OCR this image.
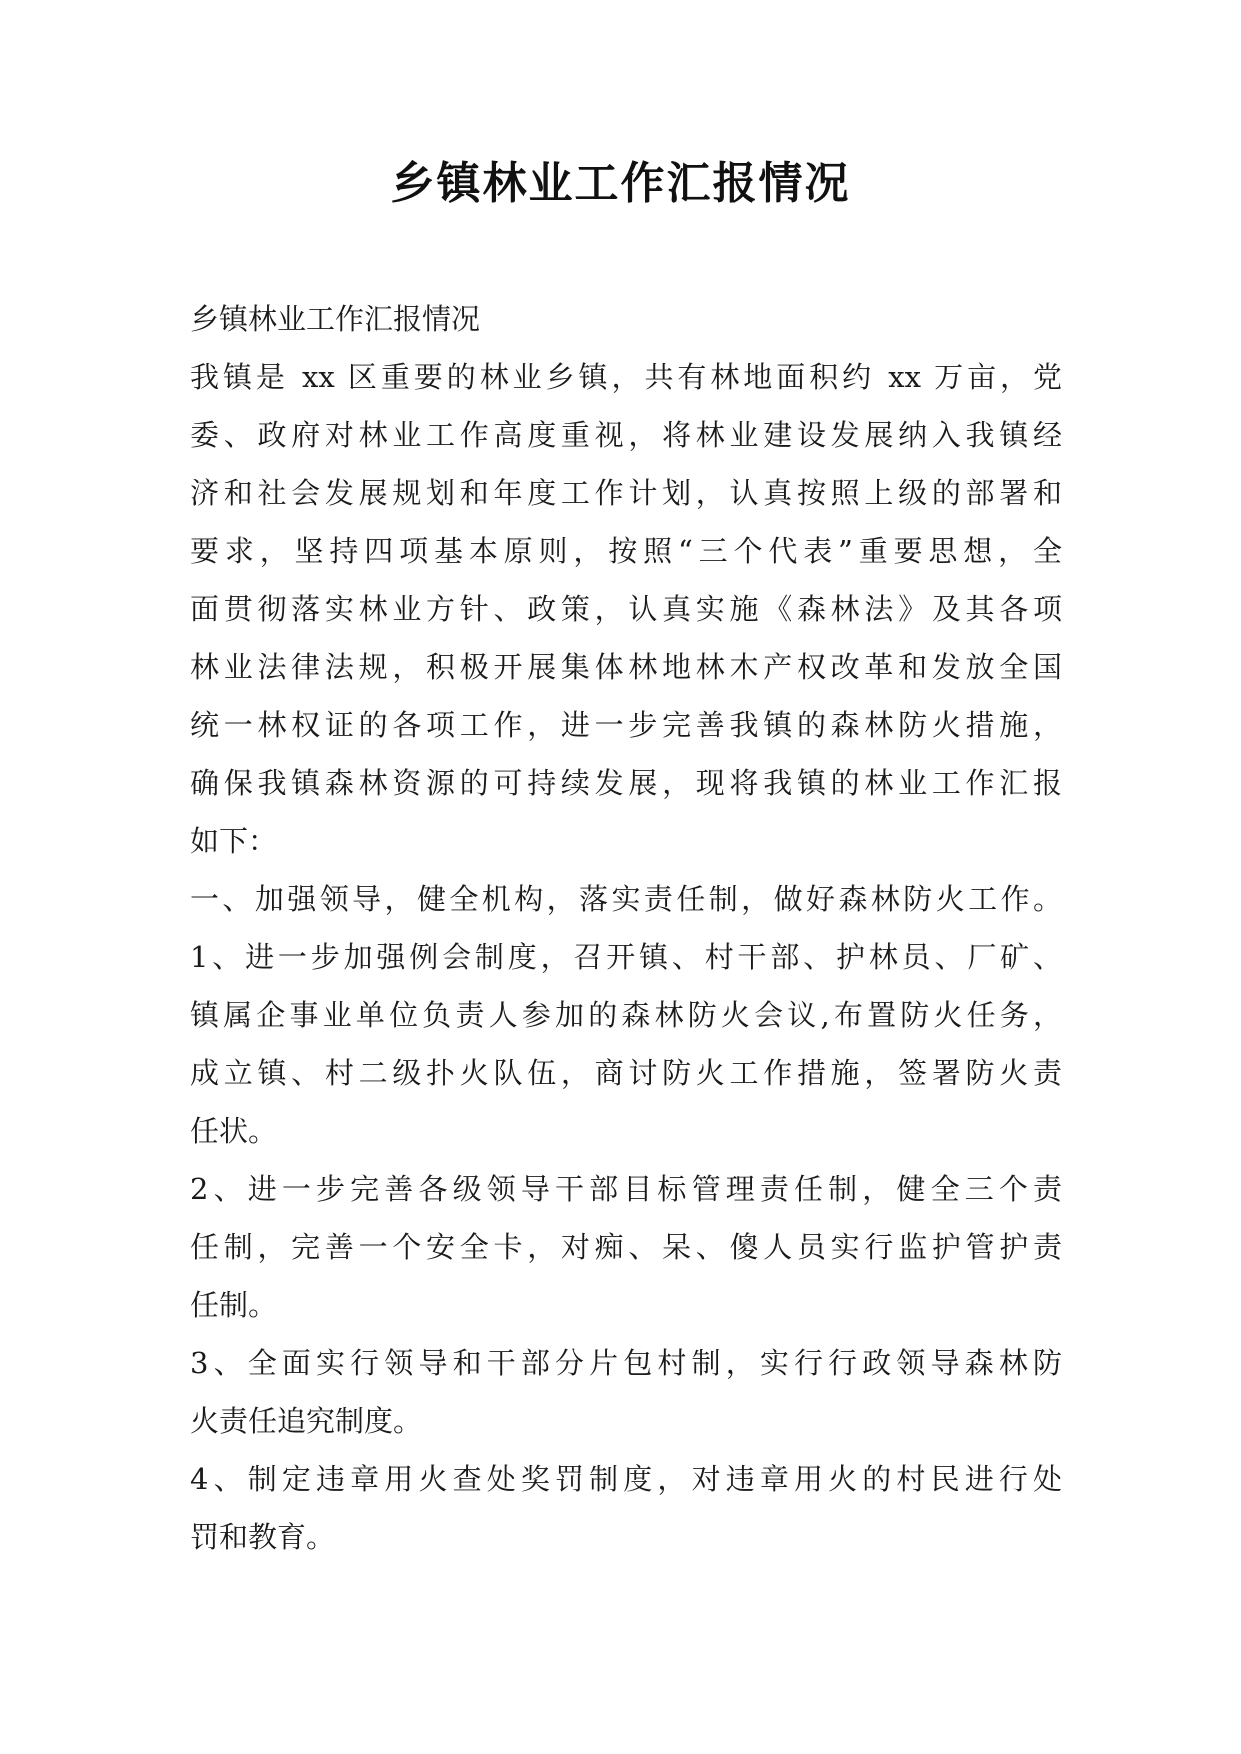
乡镇林业工作汇报情况
乡镇林业工作汇报情况
我镇是 xx 区重要的林业乡镇，共有林地面积约 xx 万亩，党
委、政府对林业工作高度重视，将林业建设发展纳入我镇经
济和社会发展规划和年度工作计划，认真按照上级的部署和
要求，坚持四项基本原则，按照“三个代表”重要思想，全
面贯彻落实林业方针、政策，认真实施《森林法》及其各项
林业法律法规，积极开展集体林地林木产权改革和发放全国
统一林权证的各项工作，进一步完善我镇的森林防火措施，
确保我镇森林资源的可持续发展，现将我镇的林业工作汇报
如下：
一、加强领导，健全机构，落实责任制，做好森林防火工作。
1、进一步加强例会制度，召开镇、村干部、护林员、厂矿、
镇属企事业单位负责人参加的森林防火会议,布置防火任务，
成立镇、村二级扑火队伍，商讨防火工作措施，签署防火责
任状。
2、进一步完善各级领导干部目标管理责任制，健全三个责
任制，完善一个安全卡，对痴、呆、傻人员实行监护管护责
任制。
3、全面实行领导和干部分片包村制，实行行政领导森林防
火责任追究制度。
4、制定违章用火查处奖罚制度，对违章用火的村民进行处
罚和教育。
